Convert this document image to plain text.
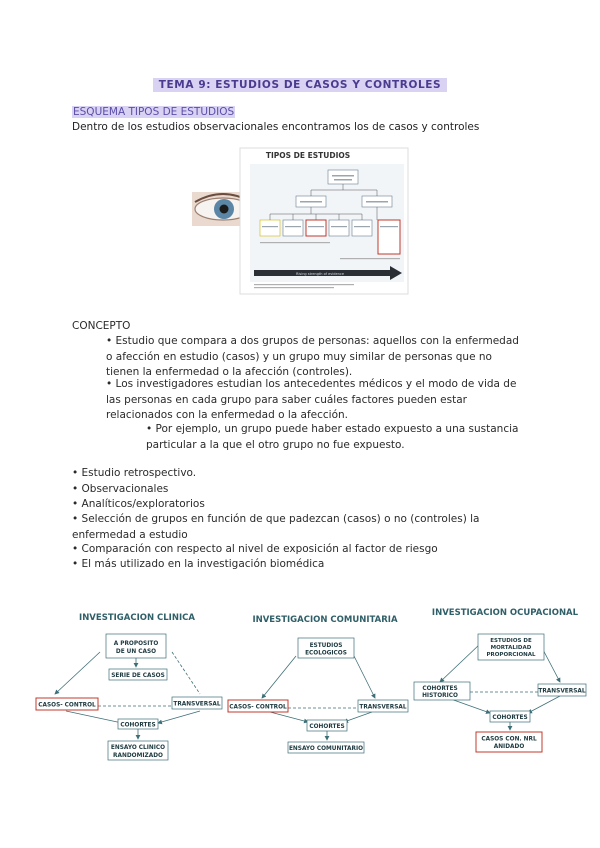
TEMA 9: ESTUDIOS DE CASOS Y CONTROLES
ESQUEMA TIPOS DE ESTUDIOS
Dentro de los estudios observacionales encontramos los de casos y controles
TIPOS DE ESTUDIOS
Rising strength of evidence
CONCEPTO
• Estudio que compara a dos grupos de personas: aquellos con la enfermedad o afección en estudio (casos) y un grupo muy similar de personas que no tienen la enfermedad o la afección (controles).
• Los investigadores estudian los antecedentes médicos y el modo de vida de las personas en cada grupo para saber cuáles factores pueden estar relacionados con la enfermedad o la afección.
• Por ejemplo, un grupo puede haber estado expuesto a una sustancia particular a la que el otro grupo no fue expuesto.
• Estudio retrospectivo.
• Observacionales
• Analíticos/exploratorios
• Selección de grupos en función de que padezcan (casos) o no (controles) la enfermedad a estudio
• Comparación con respecto al nivel de exposición al factor de riesgo
• El más utilizado en la investigación biomédica
INVESTIGACION CLINICA
A PROPOSITO
DE UN CASO
SERIE DE CASOS
CASOS- CONTROL	TRANSVERSAL
COHORTES
ENSAYO CLINICO
RANDOMIZADO
INVESTIGACION COMUNITARIA
ESTUDIOS
ECOLOGICOS
CASOS- CONTROL	TRANSVERSAL
COHORTES
ENSAYO COMUNITARIO
INVESTIGACION OCUPACIONAL
ESTUDIOS DE
MORTALIDAD
PROPORCIONAL
COHORTES
HISTORICO
TRANSVERSAL
COHORTES
CASOS CON. NRL
ANIDADO
